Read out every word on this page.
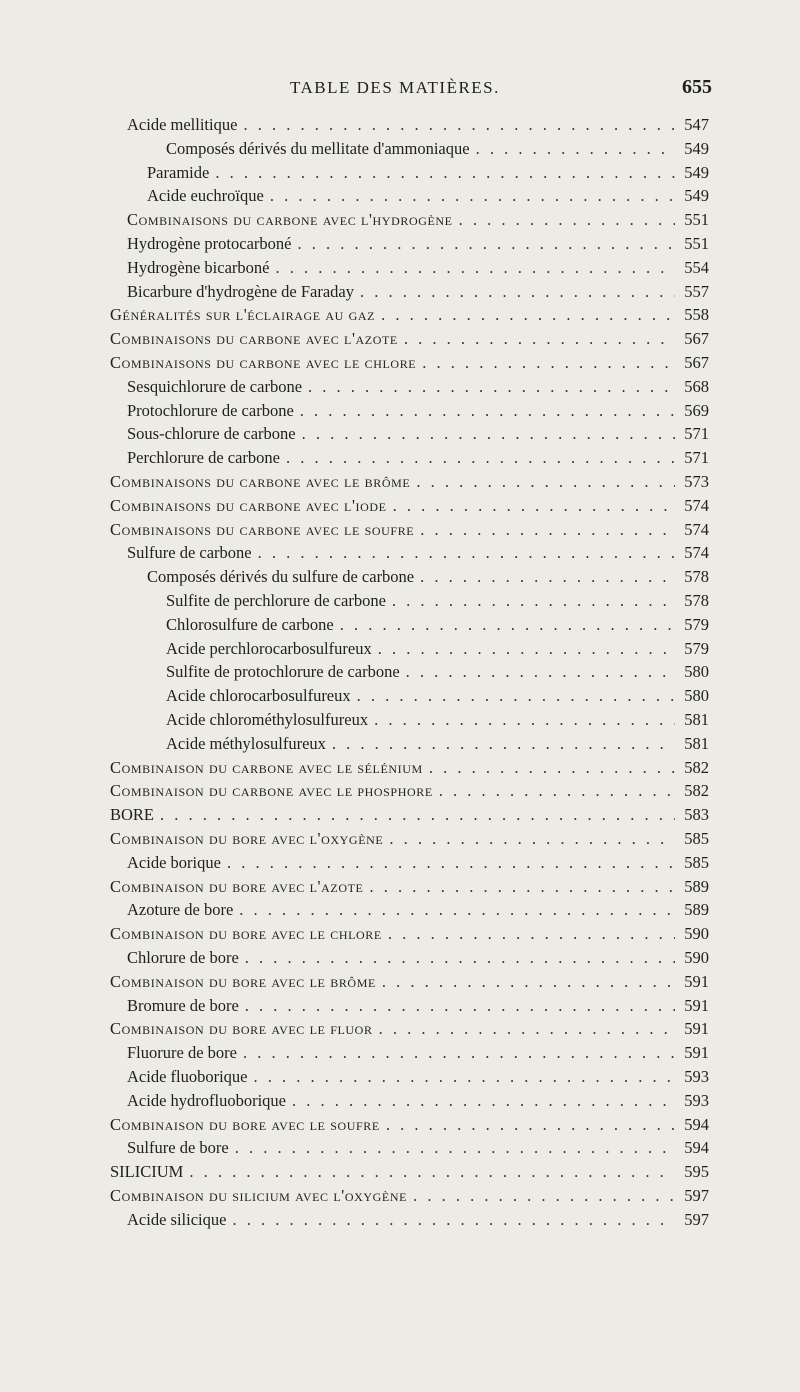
TABLE DES MATIÈRES.	655
Acide mellitique . . .	547
Composés dérivés du mellitate d'ammoniaque . . .	549
Paramide . . .	549
Acide euchroïque . . .	549
Combinaisons du carbone avec l'hydrogène . . .	551
Hydrogène protocarboné . . .	551
Hydrogène bicarboné . . .	554
Bicarbure d'hydrogène de Faraday . . .	557
Généralités sur l'éclairage au gaz . . .	558
Combinaisons du carbone avec l'azote . . .	567
Combinaisons du carbone avec le chlore . . .	567
Sesquichlorure de carbone . . .	568
Protochlorure de carbone . . .	569
Sous-chlorure de carbone . . .	571
Perchlorure de carbone . . .	571
Combinaisons du carbone avec le brôme . . .	573
Combinaisons du carbone avec l'iode . . .	574
Combinaisons du carbone avec le soufre . . .	574
Sulfure de carbone . . .	574
Composés dérivés du sulfure de carbone . . .	578
Sulfite de perchlorure de carbone . . .	578
Chlorosulfure de carbone . . .	579
Acide perchlorocarbosulfureux . . .	579
Sulfite de protochlorure de carbone . . .	580
Acide chlorocarbosulfureux . . .	580
Acide chlorométhylosulfureux . . .	581
Acide méthylosulfureux . . .	581
Combinaison du carbone avec le sélénium . . .	582
Combinaison du carbone avec le phosphore . . .	582
BORE . . .	583
Combinaison du bore avec l'oxygène . . .	585
Acide borique . . .	585
Combinaison du bore avec l'azote . . .	589
Azoture de bore . . .	589
Combinaison du bore avec le chlore . . .	590
Chlorure de bore . . .	590
Combinaison du bore avec le brôme . . .	591
Bromure de bore . . .	591
Combinaison du bore avec le fluor . . .	591
Fluorure de bore . . .	591
Acide fluoborique . . .	593
Acide hydrofluoborique . . .	593
Combinaison du bore avec le soufre . . .	594
Sulfure de bore . . .	594
SILICIUM . . .	595
Combinaison du silicium avec l'oxygène . . .	597
Acide silicique . . .	597
